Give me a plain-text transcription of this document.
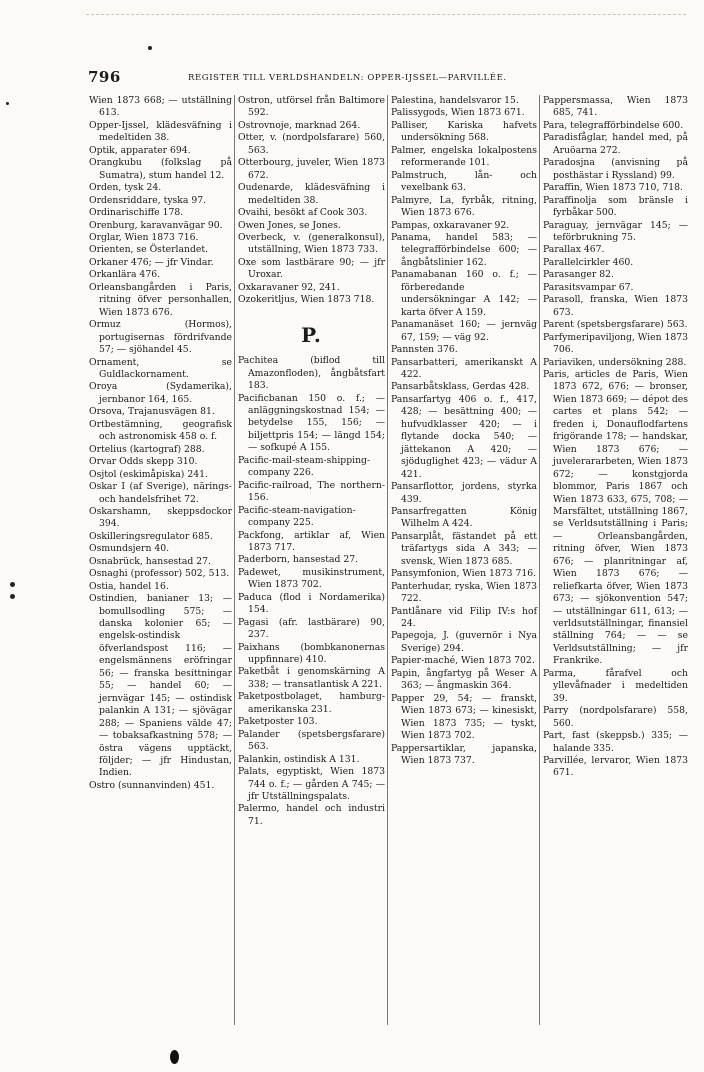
796	REGISTER TILL VERLDSHANDELN: OPPER-IJSSEL—PARVILLÉE.

Wien 1873 668; — utställning 613.

Opper-Ijssel, klädesväfning i medeltiden 38.

Optik, apparater 694.

Orangkubu (folkslag på Sumatra), stum handel 12.

Orden, tysk 24.

Ordensriddare, tyska 97.

Ordinarischiffe 178.

Orenburg, karavanvägar 90.

Orglar, Wien 1873 716.

Orienten, se Österlandet.

Orkaner 476; — jfr Vindar.

Orkanlära 476.

Orleansbangården i Paris, ritning öfver personhallen, Wien 1873 676.

Ormuz (Hormos), portugisernas fördrifvande 57; — sjöhandel 45.

Ornament, se Guldlackornament.

Oroya (Sydamerika), jernbanor 164, 165.

Orsova, Trajanusvägen 81.

Ortbestämning, geografisk och astronomisk 458 o. f.

Ortelius (kartograf) 288.

Orvar Odds skepp 310.

Osjtol (eskimåpiska) 241.

Oskar I (af Sverige), närings- och handelsfrihet 72.

Oskarshamn, skeppsdockor 394.

Oskilleringsregulator 685.

Osmundsjern 40.

Osnabrück, hansestad 27.

Osnaghi (professor) 502, 513.

Ostia, handel 16.

Ostindien, banianer 13; — bomullsodling 575; — danska kolonier 65; — engelsk-ostindisk öfverlandspost 116; — engelsmännens eröfringar 56; — franska besittningar 55; — handel 60; — jernvägar 145; — ostindisk palankin A 131; — sjövägar 288; — Spaniens välde 47; — tobaksafkastning 578; — östra vägens upptäckt, följder; — jfr Hindustan, Indien.

Ostro (sunnanvinden) 451.

Ostron, utförsel från Baltimore 592.

Ostrovnoje, marknad 264.

Otter, v. (nordpolsfarare) 560, 563.

Otterbourg, juveler, Wien 1873 672.

Oudenarde, klädesväfning i medeltiden 38.

Ovaihi, besökt af Cook 303.

Owen Jones, se Jones.

Overbeck, v. (generalkonsul), utställning, Wien 1873 733.

Oxe som lastbärare 90; — jfr Uroxar.

Oxkaravaner 92, 241.

Ozokeritljus, Wien 1873 718.

P.

Pachitea (biflod till Amazonfloden), ångbåtsfart 183.

Pacificbanan 150 o. f.; — anläggningskostnad 154; — betydelse 155, 156; — biljettpris 154; — längd 154; — sofkupé A 155.

Pacific-mail-steam-shipping-company 226.

Pacific-railroad, The northern- 156.

Pacific-steam-navigation-company 225.

Packfong, artiklar af, Wien 1873 717.

Paderborn, hansestad 27.

Padewet, musikinstrument, Wien 1873 702.

Paduca (flod i Nordamerika) 154.

Pagasi (afr. lastbärare) 90, 237.

Paixhans (bombkanonernas uppfinnare) 410.

Paketbåt i genomskärning A 338; — transatlantisk A 221.

Paketpostbolaget, hamburg-amerikanska 231.

Paketposter 103.

Palander (spetsbergsfarare) 563.

Palankin, ostindisk A 131.

Palats, egyptiskt, Wien 1873 744 o. f.; — gården A 745; — jfr Utställningspalats.

Palermo, handel och industri 71.

Palestina, handelsvaror 15.

Palissygods, Wien 1873 671.

Palliser, Kariska hafvets undersökning 568.

Palmer, engelska lokalpostens reformerande 101.

Palmstruch, lån- och vexelbank 63.

Palmyre, La, fyrbåk, ritning, Wien 1873 676.

Pampas, oxkaravaner 92.

Panama, handel 583; — telegrafförbindelse 600; — ångbåtslinier 162.

Panamabanan 160 o. f.; — förberedande undersökningar A 142; — karta öfver A 159.

Panamanäset 160; — jernväg 67, 159; — väg 92.

Pannsten 376.

Pansarbatteri, amerikanskt A 422.

Pansarbåtsklass, Gerdas 428.

Pansarfartyg 406 o. f., 417, 428; — besättning 400; — hufvudklasser 420; — i flytande docka 540; — jättekanon A 420; — sjöduglighet 423; — vädur A 421.

Pansarflottor, jordens, styrka 439.

Pansarfregatten König Wilhelm A 424.

Pansarplåt, fästandet på ett träfartygs sida A 343; — svensk, Wien 1873 685.

Pansymfonion, Wien 1873 716.

Panterhudar, ryska, Wien 1873 722.

Pantlånare vid Filip IV:s hof 24.

Papegoja, J. (guvernör i Nya Sverige) 294.

Papier-maché, Wien 1873 702.

Papin, ångfartyg på Weser A 363; — ångmaskin 364.

Papper 29, 54; — franskt, Wien 1873 673; — kinesiskt, Wien 1873 735; — tyskt, Wien 1873 702.

Pappersartiklar, japanska, Wien 1873 737.

Pappersmassa, Wien 1873 685, 741.

Para, telegrafförbindelse 600.

Paradisfåglar, handel med, på Aruöarna 272.

Paradosjna (anvisning på posthästar i Ryssland) 99.

Paraffin, Wien 1873 710, 718.

Paraffinolja som bränsle i fyrbåkar 500.

Paraguay, jernvägar 145; — teförbrukning 75.

Parallax 467.

Parallelcirkler 460.

Parasanger 82.

Parasitsvampar 67.

Parasoll, franska, Wien 1873 673.

Parent (spetsbergsfarare) 563.

Parfymeripaviljong, Wien 1873 706.

Pariaviken, undersökning 288.

Paris, articles de Paris, Wien 1873 672, 676; — bronser, Wien 1873 669; — dépot des cartes et plans 542; — freden i, Donauflodfartens frigörande 178; — handskar, Wien 1873 676; — juvelerararbeten, Wien 1873 672; — konstgjorda blommor, Paris 1867 och Wien 1873 633, 675, 708; — Marsfältet, utställning 1867, se Verldsutställning i Paris; — Orleansbangården, ritning öfver, Wien 1873 676; — planritningar af, Wien 1873 676; — reliefkarta öfver, Wien 1873 673; — sjökonvention 547; — utställningar 611, 613; — verldsutställningar, finansiel ställning 764; — — se Verldsutställning; — jfr Frankrike.

Parma, fårafvel och yllevåfnader i medeltiden 39.

Parry (nordpolsfarare) 558, 560.

Part, fast (skeppsb.) 335; — halande 335.

Parvillée, lervaror, Wien 1873 671.
